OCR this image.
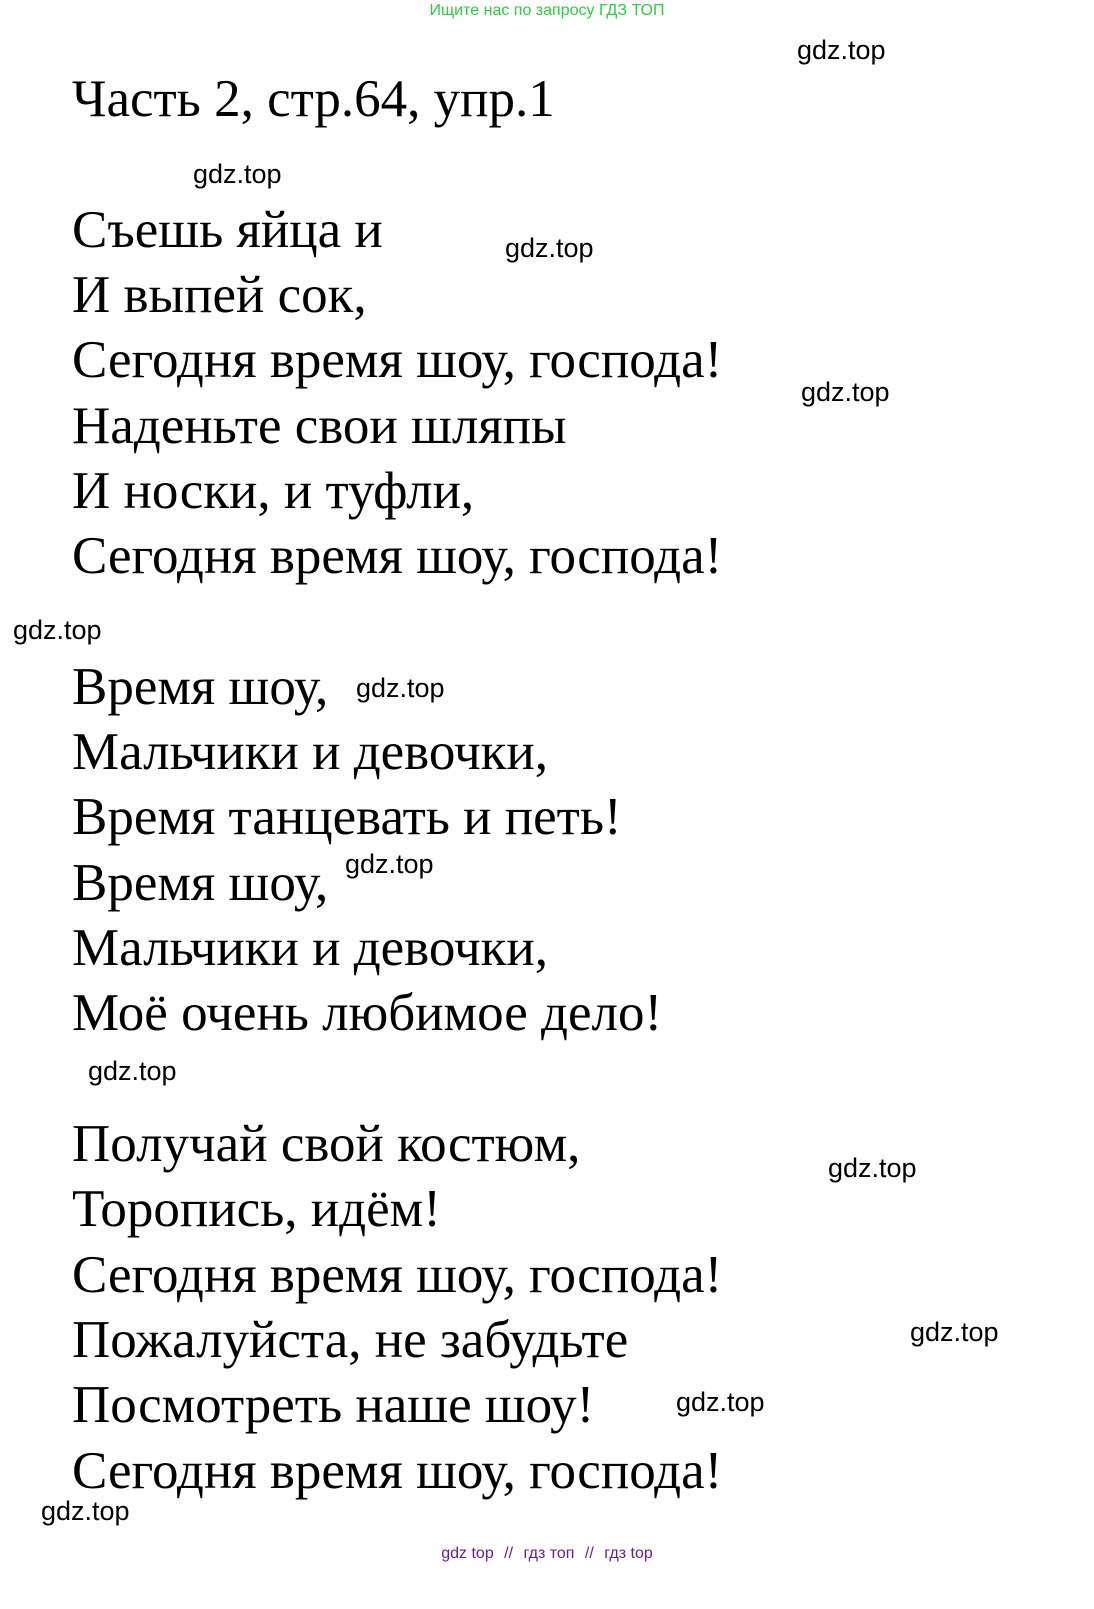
Ищите нас по запросу ГДЗ ТОП
Часть 2, стр.64, упр.1

Съешь яйца и

И выпей сок,

Сегодня время шоу, господа!

Наденьте свои шляпы

И носки, и туфли,

Сегодня время шоу, господа!

Время шоу,

Мальчики и девочки,

Время танцевать и петь!

Время шоу,

Мальчики и девочки,

Моё очень любимое дело!

Получай свой костюм,

Торопись, идём!

Сегодня время шоу, господа!

Пожалуйста, не забудьте

Посмотреть наше шоу!

Сегодня время шоу, господа!

gdz.top
gdz.top
gdz.top
gdz.top
gdz.top
gdz.top
gdz.top
gdz.top
gdz.top
gdz.top
gdz.top
gdz.top
gdz top // гдз топ // гдз top
